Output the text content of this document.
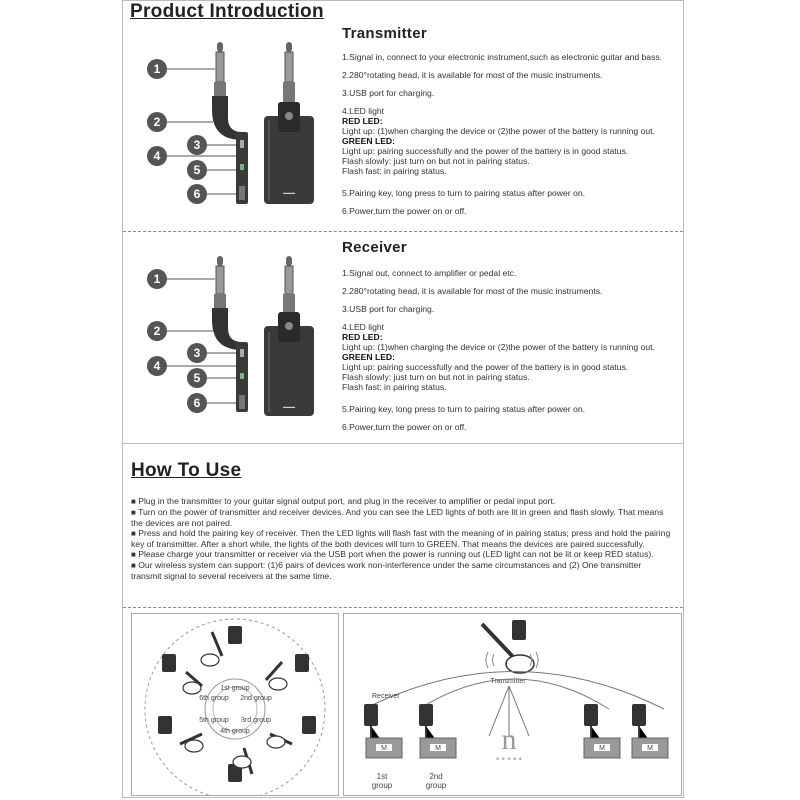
Product Introduction
Transmitter
1
2
3
4
5
6	▬▬▬

1.Signal in, connect to your electronic instrument,such as electronic guitar and bass.

2.280°rotating head, it is available for most of the music instruments.

3.USB port for charging.

4.LED light

RED LED:

Light up: (1)when charging the device or (2)the power of the battery is running out.

GREEN LED:

Light up: pairing successfully and the power of the battery is in good status.

Flash slowly: just turn on but not in pairing status.

Flash fast: in pairing status.

5.Pairing key, long press to turn to pairing status after power on.

6.Power,turn the power on or off.

Receiver
1
2
3
4
5
6	▬▬▬

1.Signal out, connect to amplifier or pedal etc.

2.280°rotating head, it is available for most of the music instruments.

3.USB port for charging.

4.LED light

RED LED:

Light up: (1)when charging the device or (2)the power of the battery is running out.

GREEN LED:

Light up: pairing successfully and the power of the battery is in good status.

Flash slowly: just turn on but not in pairing status.

Flash fast: in pairing status.

5.Pairing key, long press to turn to pairing status after power on.

6.Power,turn the power on or off.

How To Use

■ Plug in the transmitter to your guitar signal output port, and plug in the receiver to amplifier or pedal input port.

■ Turn on the power of transmitter and receiver devices. And you can see the LED lights of both are lit in green and flash slowly. That means the devices are not paired.

■ Press and hold the pairing key of receiver. Then the LED lights will flash fast with the meaning of in pairing status; press and hold the pairing key of transmitter. After a short while, the lights of the both devices will turn to GREEN. That means the devices are paired successfully.

■ Please charge your transmitter or receiver via the USB port when the power is running out (LED light can not be lit or keep RED status).

■ Our wireless system can support: (1)6 pairs of devices work non-interference under the same circumstances and (2) One transmitter transmit signal to several receivers at the same time.

1st group
2nd group
3rd group
4th group
5th group
6th group
Transmitter
Receiver
M	M	M	M
n
• • • • •
1st
group
2nd
group
